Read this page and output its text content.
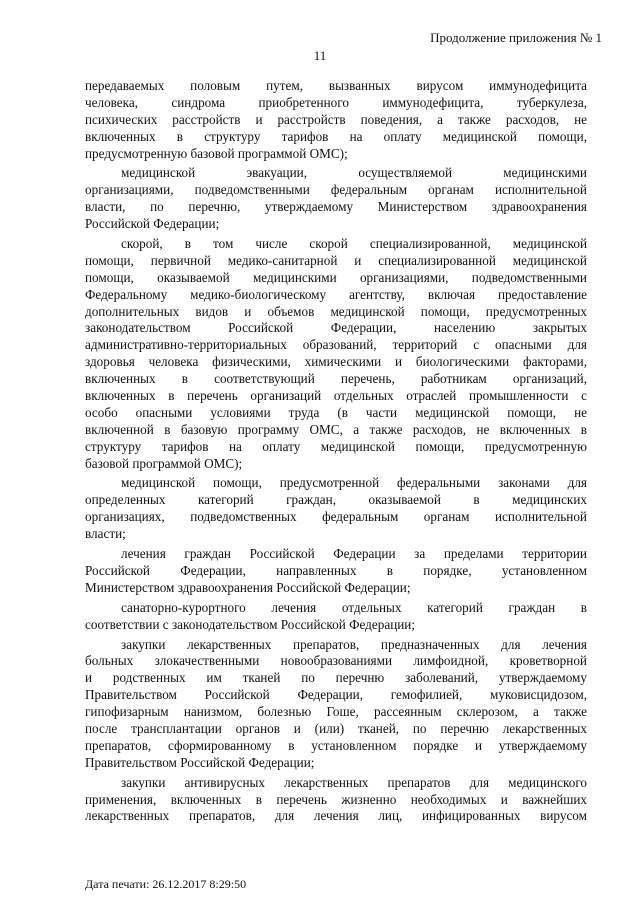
Продолжение приложения № 1
11
передаваемых половым путем, вызванных вирусом иммунодефицита
человека, синдрома приобретенного иммунодефицита, туберкулеза,
психических расстройств и расстройств поведения, а также расходов, не
включенных в структуру тарифов на оплату медицинской помощи,
предусмотренную базовой программой ОМС);
медицинской эвакуации, осуществляемой медицинскими
организациями, подведомственными федеральным органам исполнительной
власти, по перечню, утверждаемому Министерством здравоохранения
Российской Федерации;
скорой, в том числе скорой специализированной, медицинской
помощи, первичной медико-санитарной и специализированной медицинской
помощи, оказываемой медицинскими организациями, подведомственными
Федеральному медико-биологическому агентству, включая предоставление
дополнительных видов и объемов медицинской помощи, предусмотренных
законодательством Российской Федерации, населению закрытых
административно-территориальных образований, территорий с опасными для
здоровья человека физическими, химическими и биологическими факторами,
включенных в соответствующий перечень, работникам организаций,
включенных в перечень организаций отдельных отраслей промышленности с
особо опасными условиями труда (в части медицинской помощи, не
включенной в базовую программу ОМС, а также расходов, не включенных в
структуру тарифов на оплату медицинской помощи, предусмотренную
базовой программой ОМС);
медицинской помощи, предусмотренной федеральными законами для
определенных категорий граждан, оказываемой в медицинских
организациях, подведомственных федеральным органам исполнительной
власти;
лечения граждан Российской Федерации за пределами территории
Российской Федерации, направленных в порядке, установленном
Министерством здравоохранения Российской Федерации;
санаторно-курортного лечения отдельных категорий граждан в
соответствии с законодательством Российской Федерации;
закупки лекарственных препаратов, предназначенных для лечения
больных злокачественными новообразованиями лимфоидной, кроветворной
и родственных им тканей по перечню заболеваний, утверждаемому
Правительством Российской Федерации, гемофилией, муковисцидозом,
гипофизарным нанизмом, болезнью Гоше, рассеянным склерозом, а также
после трансплантации органов и (или) тканей, по перечню лекарственных
препаратов, сформированному в установленном порядке и утверждаемому
Правительством Российской Федерации;
закупки антивирусных лекарственных препаратов для медицинского
применения, включенных в перечень жизненно необходимых и важнейших
лекарственных препаратов, для лечения лиц, инфицированных вирусом
Дата печати: 26.12.2017 8:29:50
